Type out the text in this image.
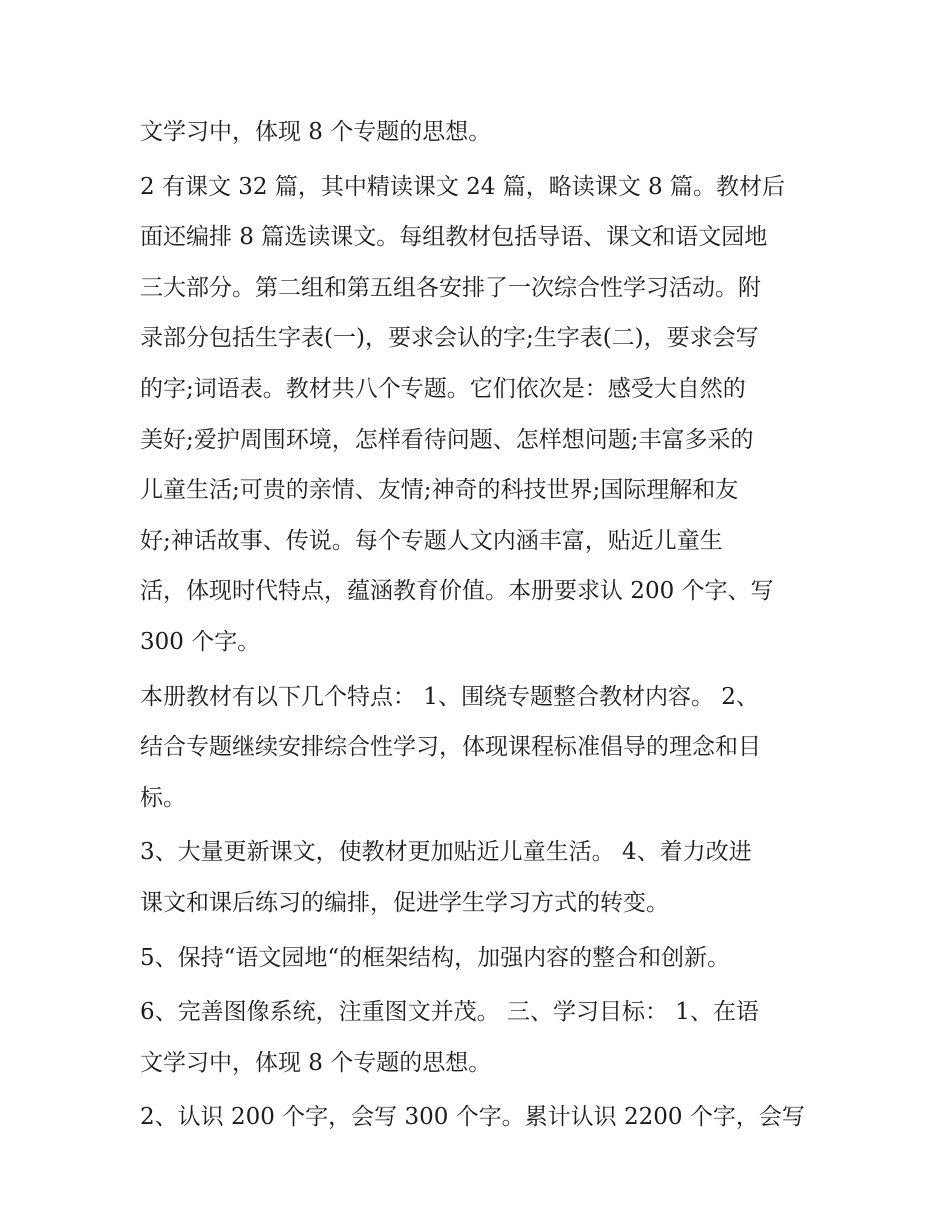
文学习中，体现 8 个专题的思想。

2 有课文 32 篇，其中精读课文 24 篇，略读课文 8 篇。教材后
面还编排 8 篇选读课文。每组教材包括导语、课文和语文园地
三大部分。第二组和第五组各安排了一次综合性学习活动。附
录部分包括生字表(一)，要求会认的字;生字表(二)，要求会写
的字;词语表。教材共八个专题。它们依次是：感受大自然的
美好;爱护周围环境，怎样看待问题、怎样想问题;丰富多采的
儿童生活;可贵的亲情、友情;神奇的科技世界;国际理解和友
好;神话故事、传说。每个专题人文内涵丰富，贴近儿童生
活，体现时代特点，蕴涵教育价值。本册要求认 200 个字、写
300 个字。

本册教材有以下几个特点： 1、围绕专题整合教材内容。 2、
结合专题继续安排综合性学习，体现课程标准倡导的理念和目
标。

3、大量更新课文，使教材更加贴近儿童生活。 4、着力改进
课文和课后练习的编排，促进学生学习方式的转变。

5、保持“语文园地“的框架结构，加强内容的整合和创新。

6、完善图像系统，注重图文并茂。 三、学习目标： 1、在语
文学习中，体现 8 个专题的思想。

2、认识 200 个字，会写 300 个字。累计认识 2200 个字，会写
